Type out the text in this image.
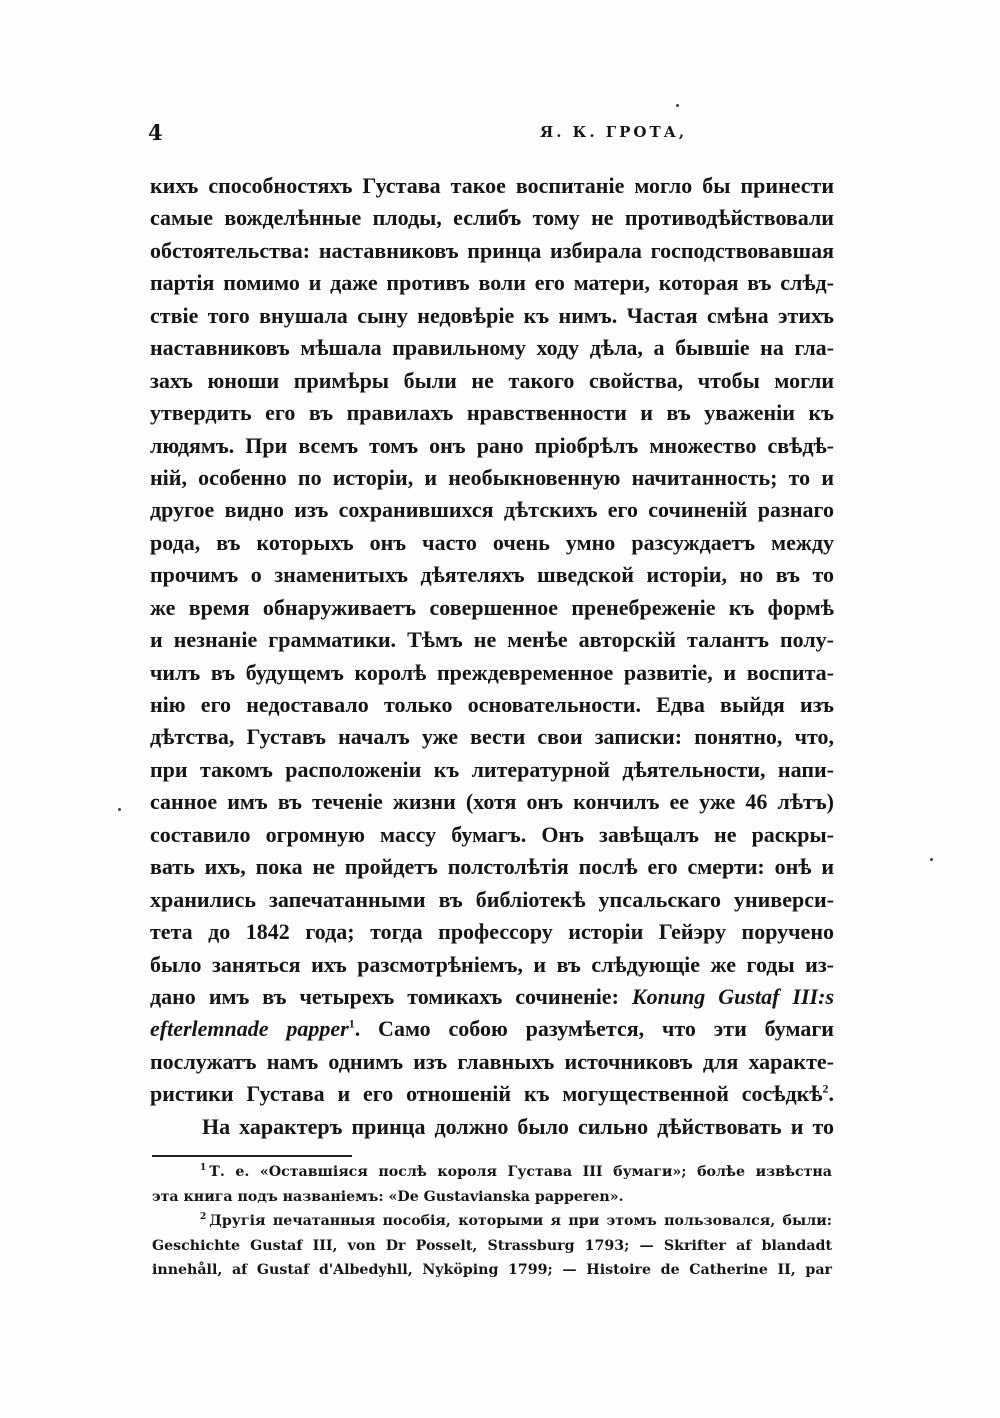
4	Я. К. ГРОТА,
кихъ способностяхъ Густава такое воспитаніе могло бы принести
самые вожделѣнные плоды, еслибъ тому не противодѣйствовали
обстоятельства: наставниковъ принца избирала господствовавшая
партія помимо и даже противъ воли его матери, которая въ слѣд-
ствіе того внушала сыну недовѣріе къ нимъ. Частая смѣна этихъ
наставниковъ мѣшала правильному ходу дѣла, а бывшіе на гла-
захъ юноши примѣры были не такого свойства, чтобы могли
утвердить его въ правилахъ нравственности и въ уваженіи къ
людямъ. При всемъ томъ онъ рано пріобрѣлъ множество свѣдѣ-
ній, особенно по исторіи, и необыкновенную начитанность; то и
другое видно изъ сохранившихся дѣтскихъ его сочиненій разнаго
рода, въ которыхъ онъ часто очень умно разсуждаетъ между
прочимъ о знаменитыхъ дѣятеляхъ шведской исторіи, но въ то
же время обнаруживаетъ совершенное пренебреженіе къ формѣ
и незнаніе грамматики. Тѣмъ не менѣе авторскій талантъ полу-
чилъ въ будущемъ королѣ преждевременное развитіе, и воспита-
нію его недоставало только основательности. Едва выйдя изъ
дѣтства, Густавъ началъ уже вести свои записки: понятно, что,
при такомъ расположеніи къ литературной дѣятельности, напи-
санное имъ въ теченіе жизни (хотя онъ кончилъ ее уже 46 лѣтъ)
составило огромную массу бумагъ. Онъ завѣщалъ не раскры-
вать ихъ, пока не пройдетъ полстолѣтія послѣ его смерти: онѣ и
хранились запечатанными въ библіотекѣ упсальскаго универси-
тета до 1842 года; тогда профессору исторіи Гейэру поручено
было заняться ихъ разсмотрѣніемъ, и въ слѣдующіе же годы из-
дано имъ въ четырехъ томикахъ сочиненіе: Konung Gustaf III:s
efterlemnade papper$^1$. Само собою разумѣется, что эти бумаги
послужатъ намъ однимъ изъ главныхъ источниковъ для характе-
ристики Густава и его отношеній къ могущественной сосѣдкѣ$^2$.
На характеръ принца должно было сильно дѣйствовать и то
$^1$ Т. е. «Оставшіяся послѣ короля Густава III бумаги»; болѣе извѣстна
эта книга подъ названіемъ: «De Gustavianska papperen».
$^2$ Другія печатанныя пособія, которыми я при этомъ пользовался, были:
Geschichte Gustaf III, von Dr Posselt, Strassburg 1793; — Skrifter af blandadt
innehåll, af Gustaf d'Albedyhll, Nyköping 1799; — Histoire de Catherine II, par
